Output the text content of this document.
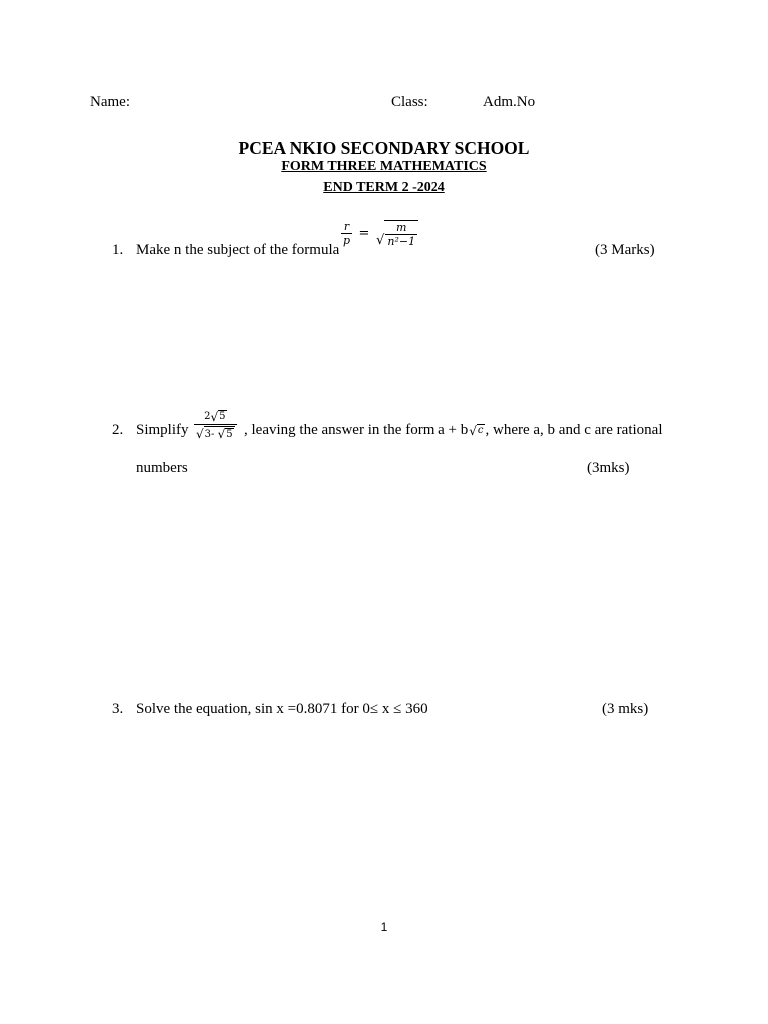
Name:	Class:	Adm.No
PCEA NKIO SECONDARY SCHOOL
FORM THREE MATHEMATICS
END TERM 2 -2024
1. Make n the subject of the formula
$\frac{r}{p}$ = √ $\frac{m}{\text{n²−1}}$
(3 Marks)
2. Simplify $\frac{2 √ 5}{√ 3- √ 5}$ , leaving the answer in the form a + b √ c , where a, b and c are rational
numbers	(3mks)
3. Solve the equation, sin x =0.8071 for 0≤ x ≤ 360	(3 mks)
1
